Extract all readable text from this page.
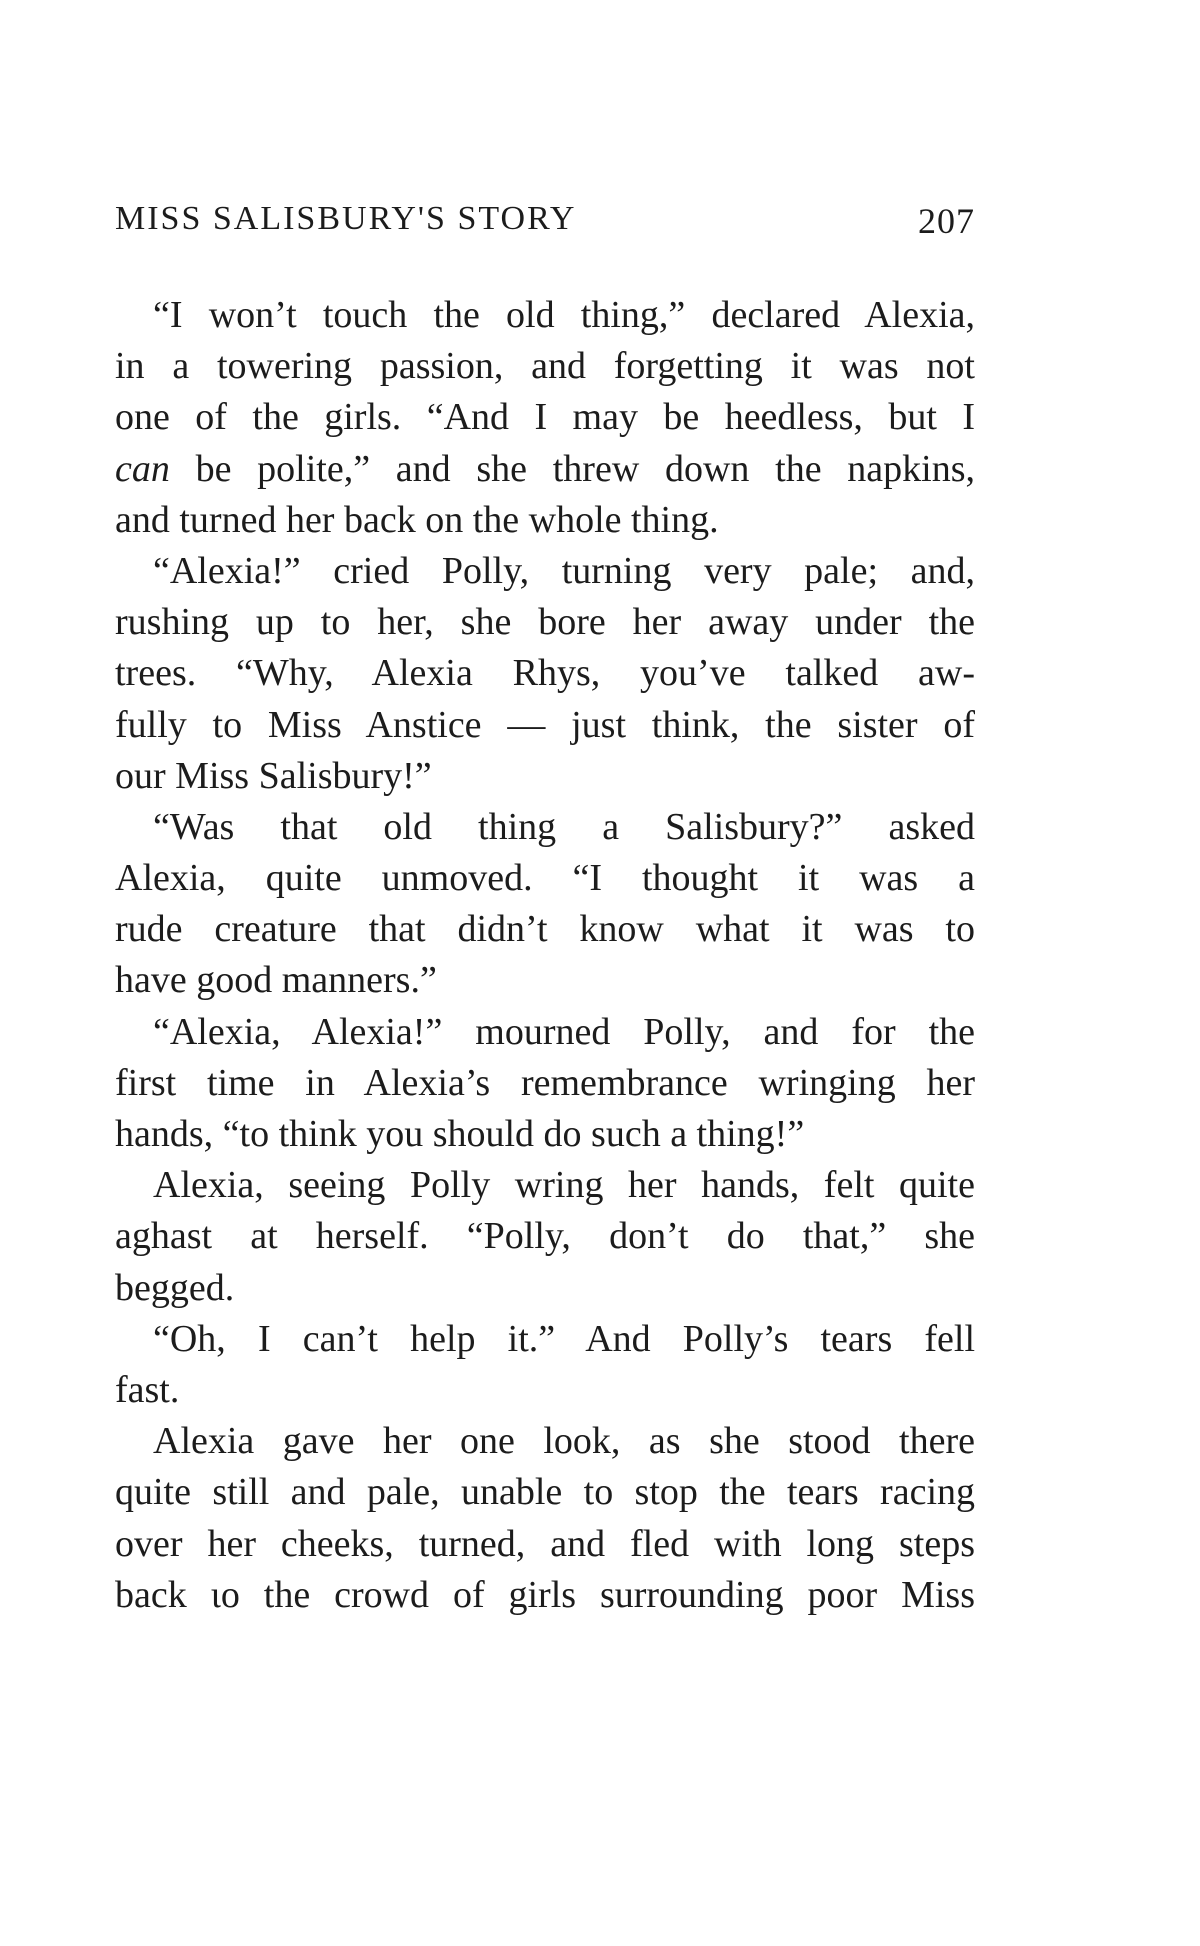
MISS SALISBURY'S STORY	207
“I won’t touch the old thing,” declared Alexia,
in a towering passion, and forgetting it was not
one of the girls. “And I may be heedless, but I
can be polite,” and she threw down the napkins,
and turned her back on the whole thing.
“Alexia!” cried Polly, turning very pale; and,
rushing up to her, she bore her away under the
trees. “Why, Alexia Rhys, you’ve talked aw-
fully to Miss Anstice — just think, the sister of
our Miss Salisbury!”
“Was that old thing a Salisbury?” asked
Alexia, quite unmoved. “I thought it was a
rude creature that didn’t know what it was to
have good manners.”
“Alexia, Alexia!” mourned Polly, and for the
first time in Alexia’s remembrance wringing her
hands, “to think you should do such a thing!”
Alexia, seeing Polly wring her hands, felt quite
aghast at herself. “Polly, don’t do that,” she
begged.
“Oh, I can’t help it.” And Polly’s tears fell
fast.
Alexia gave her one look, as she stood there
quite still and pale, unable to stop the tears racing
over her cheeks, turned, and fled with long steps
back ιo the crowd of girls surrounding poor Miss
